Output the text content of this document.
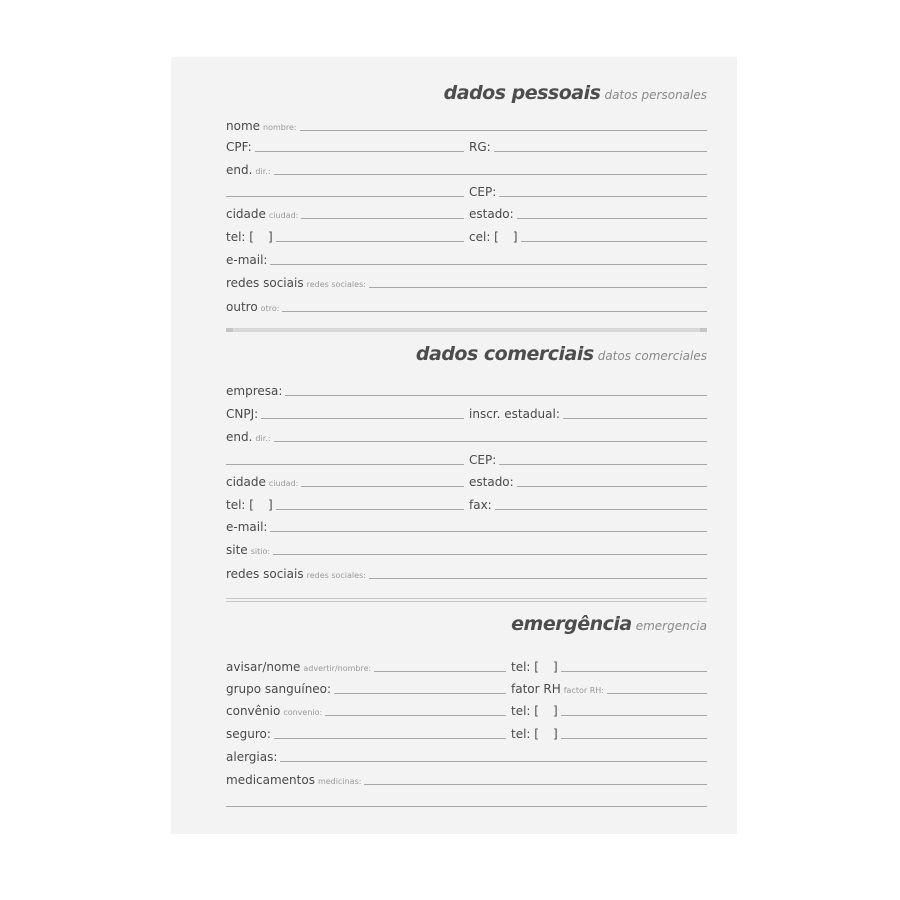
dados pessoais datos personales
nome nombre:
CPF:	RG:
end. dir.:
CEP:
cidade ciudad:	estado:
tel: [ ]	cel: [ ]
e-mail:
redes sociais redes sociales:
outro otro:
dados comerciais datos comerciales
empresa:
CNPJ:	inscr. estadual:
end. dir.:
CEP:
cidade ciudad:	estado:
tel: [ ]	fax:
e-mail:
site sitio:
redes sociais redes sociales:
emergência emergencia
avisar/nome advertir/nombre:	tel: [ ]
grupo sanguíneo:	fator RH factor RH:
convênio convenio:	tel: [ ]
seguro:	tel: [ ]
alergias:
medicamentos medicinas:
